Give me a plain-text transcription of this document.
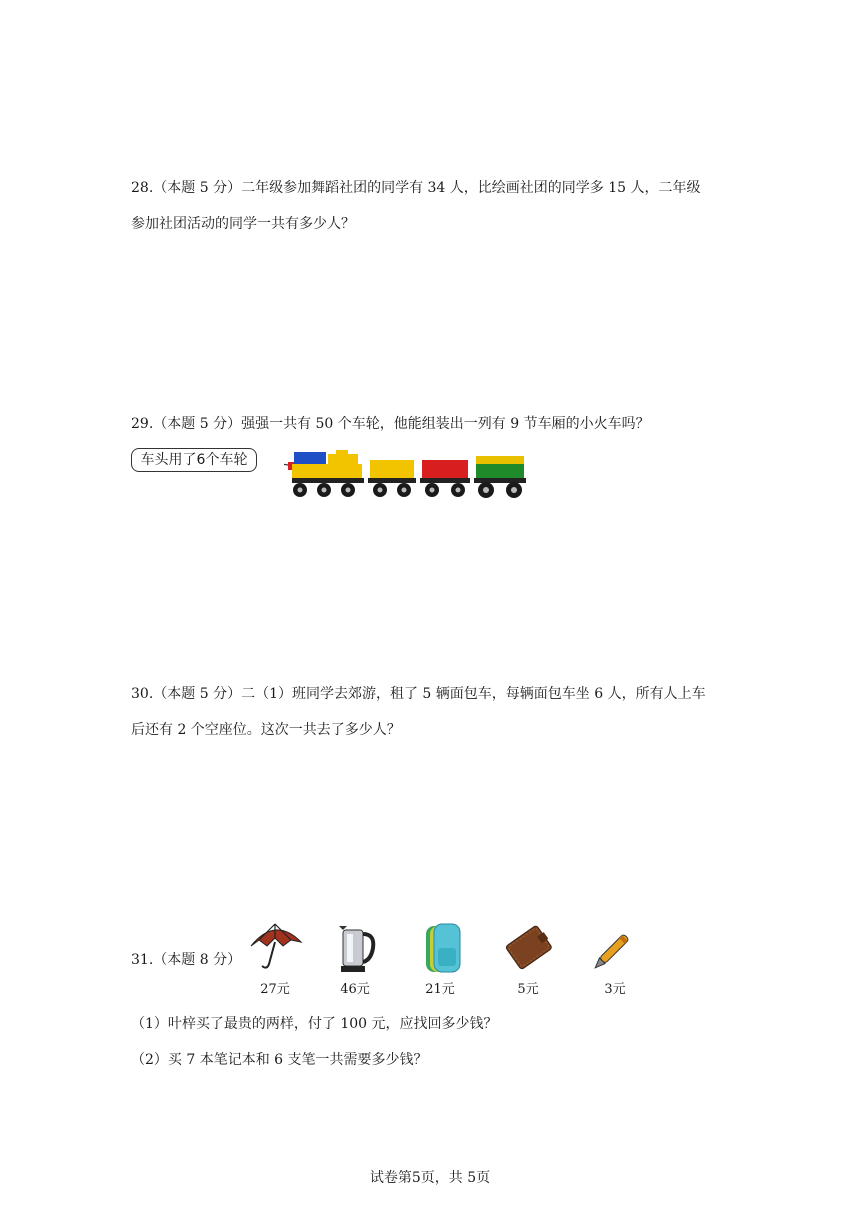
28.（本题 5 分）二年级参加舞蹈社团的同学有 34 人，比绘画社团的同学多 15 人，二年级

参加社团活动的同学一共有多少人？

29.（本题 5 分）强强一共有 50 个车轮，他能组装出一列有 9 节车厢的小火车吗？

车头用了6个车轮

30.（本题 5 分）二（1）班同学去郊游，租了 5 辆面包车，每辆面包车坐 6 人，所有人上车

后还有 2 个空座位。这次一共去了多少人？

31.（本题 8 分）

27元	46元	21元	5元	3元
（1）叶梓买了最贵的两样，付了 100 元，应找回多少钱？
（2）买 7 本笔记本和 6 支笔一共需要多少钱？
试卷第5页，共 5页
